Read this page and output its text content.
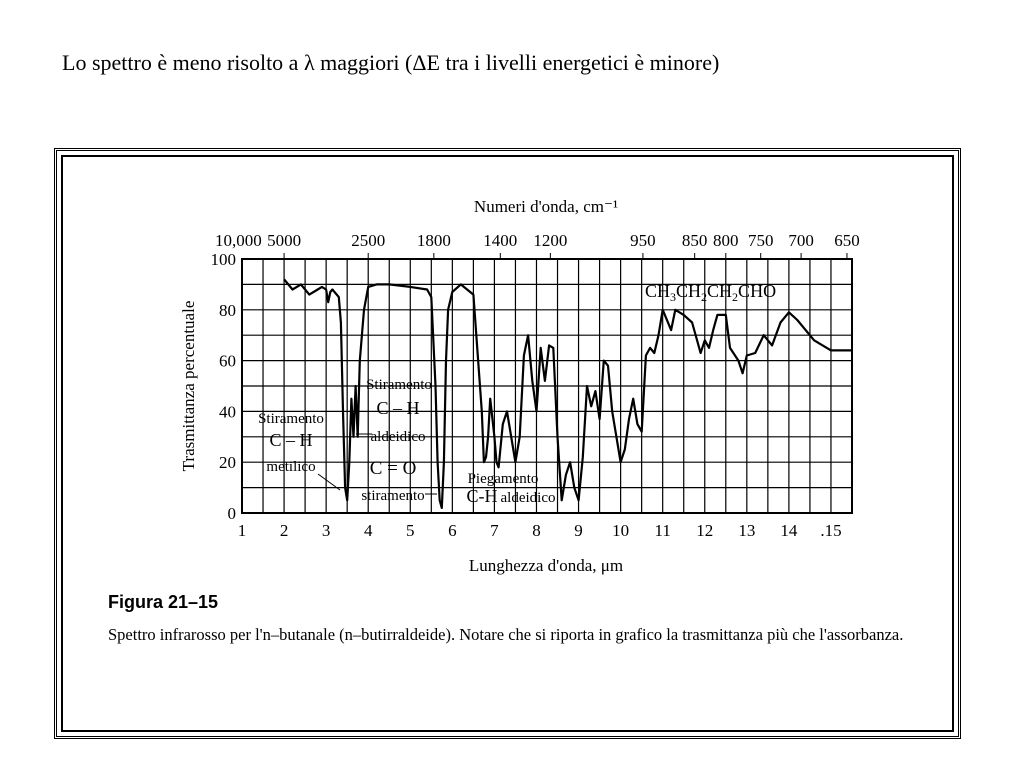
Lo spettro è meno risolto a λ maggiori (ΔE tra i livelli energetici è minore)
1 2 3 4 5 6 7 8 9 10 11 12 13 14 .15
0
20
40
60
80
100
10,000 5000	2500 1800 1400 1200	950 850 800 750 700 650
Numeri d'onda, cm⁻¹
Lunghezza d'onda, μm
Trasmittanza percentuale
$CH_3CH_2CH_2CHO$
Stiramento
C – H
metilico
Stiramento
C – H
aldeidico
C = O
stiramento
Piegamento
C-H aldeidico
Figura 21–15
Spettro infrarosso per l'n–butanale (n–butirraldeide). Notare che si riporta in grafico la trasmittanza più che l'assorbanza.
